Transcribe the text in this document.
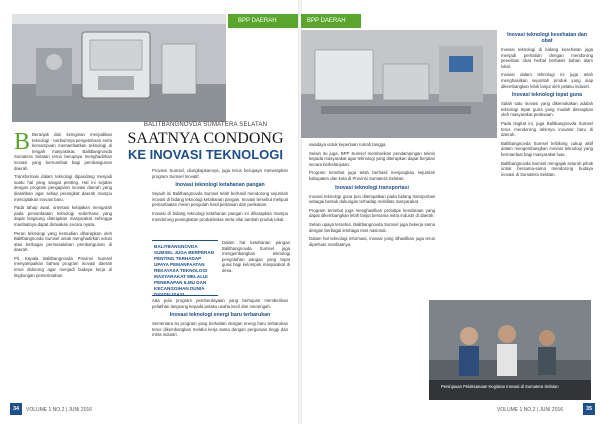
BPP DAERAH
BALITBANGNOVDA SUMATERA SELATAN
SAATNYA CONDONG
KE INOVASI TEKNOLOGI

B Beranjak dari keinginan menjadikan teknologi - tumbuhnya pengetahuan serta kemampuan memanfaatkan teknologi di tengah masyarakat, Balitbangnovda Sumatera Selatan terus berupaya menghadirkan inovasi yang bermanfaat bagi pembangunan daerah.

Transformasi dalam teknologi dipandang menjadi suatu hal yang sangat penting. Hal ini sejalan dengan program pengajaran inovasi daerah yang diarahkan agar setiap perangkat daerah mampu menciptakan inovasi baru.

Pada tahap awal, orientasi kebijakan mengarah pada pemanfaatan teknologi sederhana yang dapat langsung diterapkan masyarakat sehingga manfaatnya dapat dirasakan secara nyata.

Peran teknologi yang kemudian diharapkan oleh Balitbangnovda Sumsel untuk menghadirkan solusi atas berbagai permasalahan pembangunan di daerah.

Pit. Kepala Balitbangnovda Provinsi Sumsel menyampaikan bahwa program inovasi daerah terus didorong agar menjadi budaya kerja di lingkungan pemerintahan.

Provinsi Sumsel, diungkapkannya, juga terus berupaya menerapkan program Sumsel Inovatif.

Inovasi teknologi ketahanan pangan

Sejauh ini Balitbangnovda Sumsel telah berhasil mendorong sejumlah inovasi di bidang teknologi ketahanan pangan. Inovasi tersebut meliputi pemanfaatan mesin pengolah hasil pertanian dan perikanan.

Inovasi di bidang teknologi ketahanan pangan ini diharapkan mampu mendorong peningkatan produktivitas serta nilai tambah produk lokal.

BALITBANGNOVDA SUMSEL JUGA BERPERAN PENTING TERHADAP UPAYA PEMANFAATAN REKAYASA TEKNOLOGI MASYARAKAT MELALUI PENERAPAN ILMU DAN KECANGGIHAN DUNIA DIGITALISASI

Dalam hal ketahanan pangan Balitbangnovda Sumsel juga mengembangkan teknologi pengolahan pangan yang tepat guna bagi kelompok masyarakat di desa.

Ada pula program pemberdayaan yang bertujuan memberikan pelatihan langsung kepada pelaku usaha kecil dan menengah.

Inovasi teknologi energi baru terbarukan

Sementara itu program yang berkaitan dengan energi baru terbarukan terus dikembangkan melalui kerja sama dengan perguruan tinggi dan mitra industri.

34	VOLUME 1 NO.2 | JUNI 2016
BPP DAERAH

swadaya untuk keperluan rumah tangga.

Selain itu juga, BPP Sumsel memberikan pendampingan teknis kepada masyarakat agar teknologi yang diterapkan dapat berjalan secara berkelanjutan.

Program tersebut juga telah berhasil menjangkau sejumlah kabupaten dan kota di Provinsi Sumatera Selatan.

Inovasi teknologi transportasi

Inovasi teknologi guna pun ditempatkan pada bidang transportasi sebagai bentuk dukungan terhadap mobilitas masyarakat.

Program tersebut juga menghasilkan prototipe kendaraan yang dapat dikembangkan lebih lanjut bersama mitra industri di daerah.

Selain upaya tersebut, Balitbangnovda Sumsel juga bekerja sama dengan berbagai lembaga riset nasional.

Dalam hal teknologi informasi, inovasi yang dihasilkan juga terus diperluas manfaatnya.

Inovasi teknologi kesehatan dan obat

Inovasi teknologi di bidang kesehatan juga menjadi perhatian dengan mendorong penelitian obat herbal berbasis bahan alam lokal.

Inovasi dalam teknologi ini juga telah menghasilkan sejumlah produk yang siap dikembangkan lebih lanjut oleh pelaku industri.

Inovasi teknologi tepat guna

Salah satu inovasi yang dikemukakan adalah teknologi tepat guna yang mudah diterapkan oleh masyarakat pedesaan.

Pada tingkat ini, juga Balitbangnovda Sumsel terus mendorong lahirnya inovator baru di daerah.

Balitbangnovda Sumsel terbilang cukup aktif dalam mengembangkan inovasi teknologi yang bermanfaat bagi masyarakat luas.

Balitbangnovda Sumsel mengajak seluruh pihak untuk bersama-sama mendorong budaya inovasi di Sumatera Selatan.

Peninjauan Pelaksanaan Kegiatan Inovasi di Sumatera Selatan
VOLUME 1 NO.2 | JUNI 2016	35
